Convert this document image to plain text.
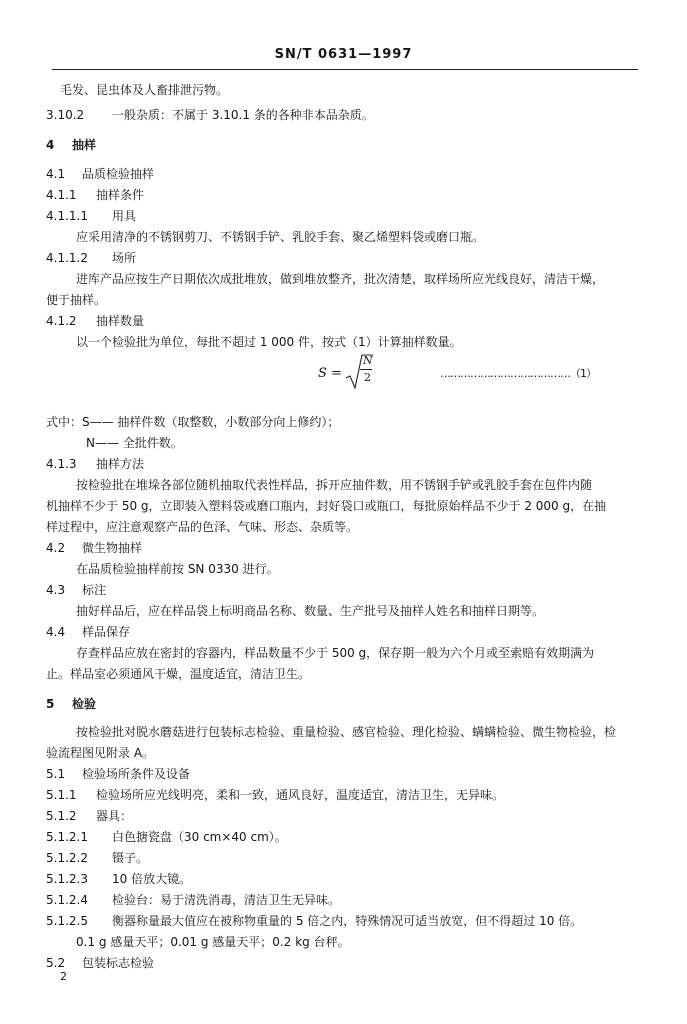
SN/T 0631—1997
毛发、昆虫体及人畜排泄污物。
3.10.2 一般杂质：不属于 3.10.1 条的各种非本品杂质。
4 抽样
4.1 品质检验抽样
4.1.1 抽样条件
4.1.1.1 用具
应采用清净的不锈钢剪刀、不锈钢手铲、乳胶手套、聚乙烯塑料袋或磨口瓶。
4.1.1.2 场所
进库产品应按生产日期依次成批堆放，做到堆放整齐，批次清楚，取样场所应光线良好，清洁干燥，
便于抽样。
4.1.2 抽样数量
以一个检验批为单位，每批不超过 1 000 件，按式（1）计算抽样数量。
S =
N
2	…………………………………（1）
式中：S—— 抽样件数（取整数，小数部分向上修约）；
N—— 全批件数。
4.1.3 抽样方法
按检验批在堆垛各部位随机抽取代表性样品，拆开应抽件数，用不锈钢手铲或乳胶手套在包件内随
机抽样不少于 50 g，立即装入塑料袋或磨口瓶内，封好袋口或瓶口，每批原始样品不少于 2 000 g，在抽
样过程中，应注意观察产品的色泽、气味、形态、杂质等。
4.2 微生物抽样
在品质检验抽样前按 SN 0330 进行。
4.3 标注
抽好样品后，应在样品袋上标明商品名称、数量、生产批号及抽样人姓名和抽样日期等。
4.4 样品保存
存查样品应放在密封的容器内，样品数量不少于 500 g，保存期一般为六个月或至索赔有效期满为
止。样品室必须通风干燥，温度适宜，清洁卫生。
5 检验
按检验批对脱水蘑菇进行包装标志检验、重量检验、感官检验、理化检验、螨螨检验、微生物检验，检
验流程图见附录 A。
5.1 检验场所条件及设备
5.1.1 检验场所应光线明亮，柔和一致，通风良好，温度适宜，清洁卫生，无异味。
5.1.2 器具：
5.1.2.1 白色搪瓷盘（30 cm×40 cm）。
5.1.2.2 镊子。
5.1.2.3 10 倍放大镜。
5.1.2.4 检验台：易于清洗消毒，清洁卫生无异味。
5.1.2.5 衡器称量最大值应在被称物重量的 5 倍之内，特殊情况可适当放宽，但不得超过 10 倍。
0.1 g 感量天平；0.01 g 感量天平；0.2 kg 台秤。
5.2 包装标志检验
2
